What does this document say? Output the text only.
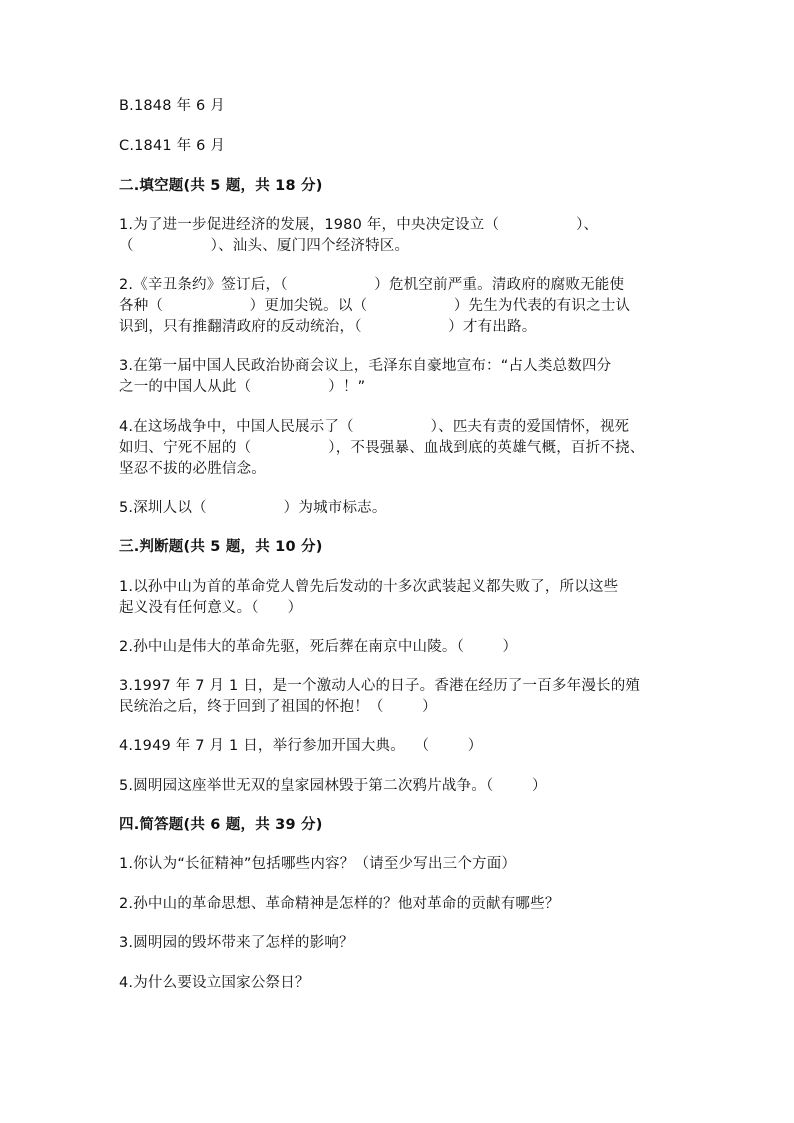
B.1848 年 6 月
C.1841 年 6 月
二.填空题(共 5 题，共 18 分)
1.为了进一步促进经济的发展，1980 年，中央决定设立（                ）、
（                ）、汕头、厦门四个经济特区。
2.《辛丑条约》签订后，（                  ）危机空前严重。清政府的腐败无能使
各种（                  ）更加尖锐。以（                  ）先生为代表的有识之士认
识到，只有推翻清政府的反动统治，（                  ）才有出路。
3.在第一届中国人民政治协商会议上，毛泽东自豪地宣布：“占人类总数四分
之一的中国人从此（                ）！”
4.在这场战争中，中国人民展示了（                ）、匹夫有责的爱国情怀，视死
如归、宁死不屈的（                ），不畏强暴、血战到底的英雄气概，百折不挠、
坚忍不拔的必胜信念。
5.深圳人以（                ）为城市标志。
三.判断题(共 5 题，共 10 分)
1.以孙中山为首的革命党人曾先后发动的十多次武装起义都失败了，所以这些
起义没有任何意义。（      ）
2.孙中山是伟大的革命先驱，死后葬在南京中山陵。（        ）
3.1997 年 7 月 1 日，是一个激动人心的日子。香港在经历了一百多年漫长的殖
民统治之后，终于回到了祖国的怀抱！（        ）
4.1949 年 7 月 1 日，举行参加开国大典。  （        ）
5.圆明园这座举世无双的皇家园林毁于第二次鸦片战争。（        ）
四.简答题(共 6 题，共 39 分)
1.你认为“长征精神”包括哪些内容？（请至少写出三个方面）
2.孙中山的革命思想、革命精神是怎样的？他对革命的贡献有哪些？
3.圆明园的毁坏带来了怎样的影响？
4.为什么要设立国家公祭日？
